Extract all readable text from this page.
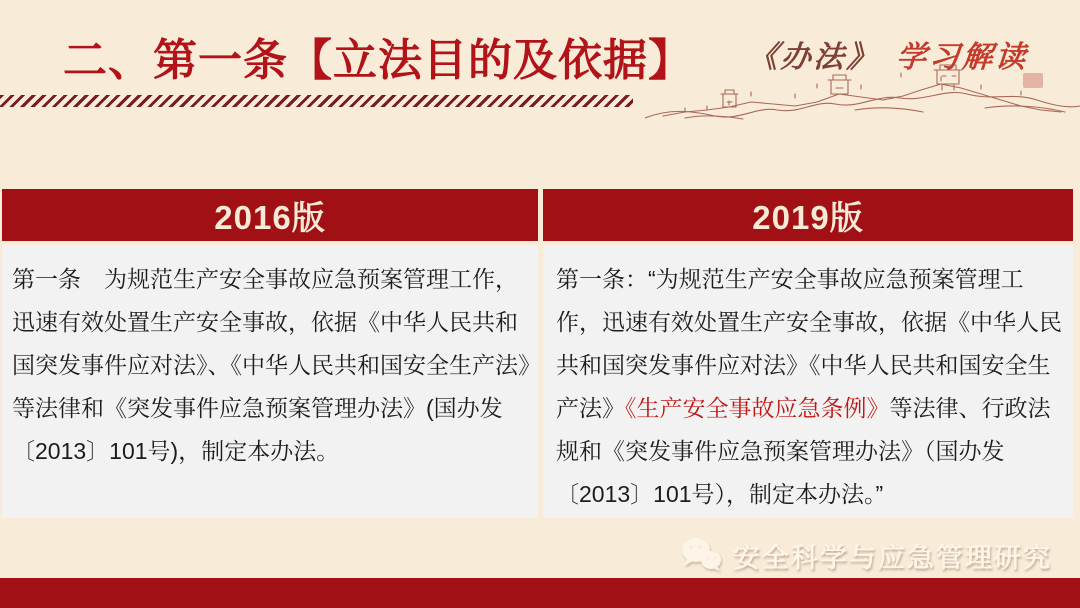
二、第一条【立法目的及依据】 《办法》 学习解读
2016版	2019版
第一条　为规范生产安全事故应急预案管理工作，迅速有效处置生产安全事故，依据《中华人民共和国突发事件应对法》、《中华人民共和国安全生产法》等法律和《突发事件应急预案管理办法》(国办发〔2013〕101号)，制定本办法。
第一条：“为规范生产安全事故应急预案管理工作，迅速有效处置生产安全事故，依据《中华人民共和国突发事件应对法》《中华人民共和国安全生产法》《生产安全事故应急条例》等法律、行政法规和《突发事件应急预案管理办法》（国办发〔2013〕101号），制定本办法。”
安全科学与应急管理研究
